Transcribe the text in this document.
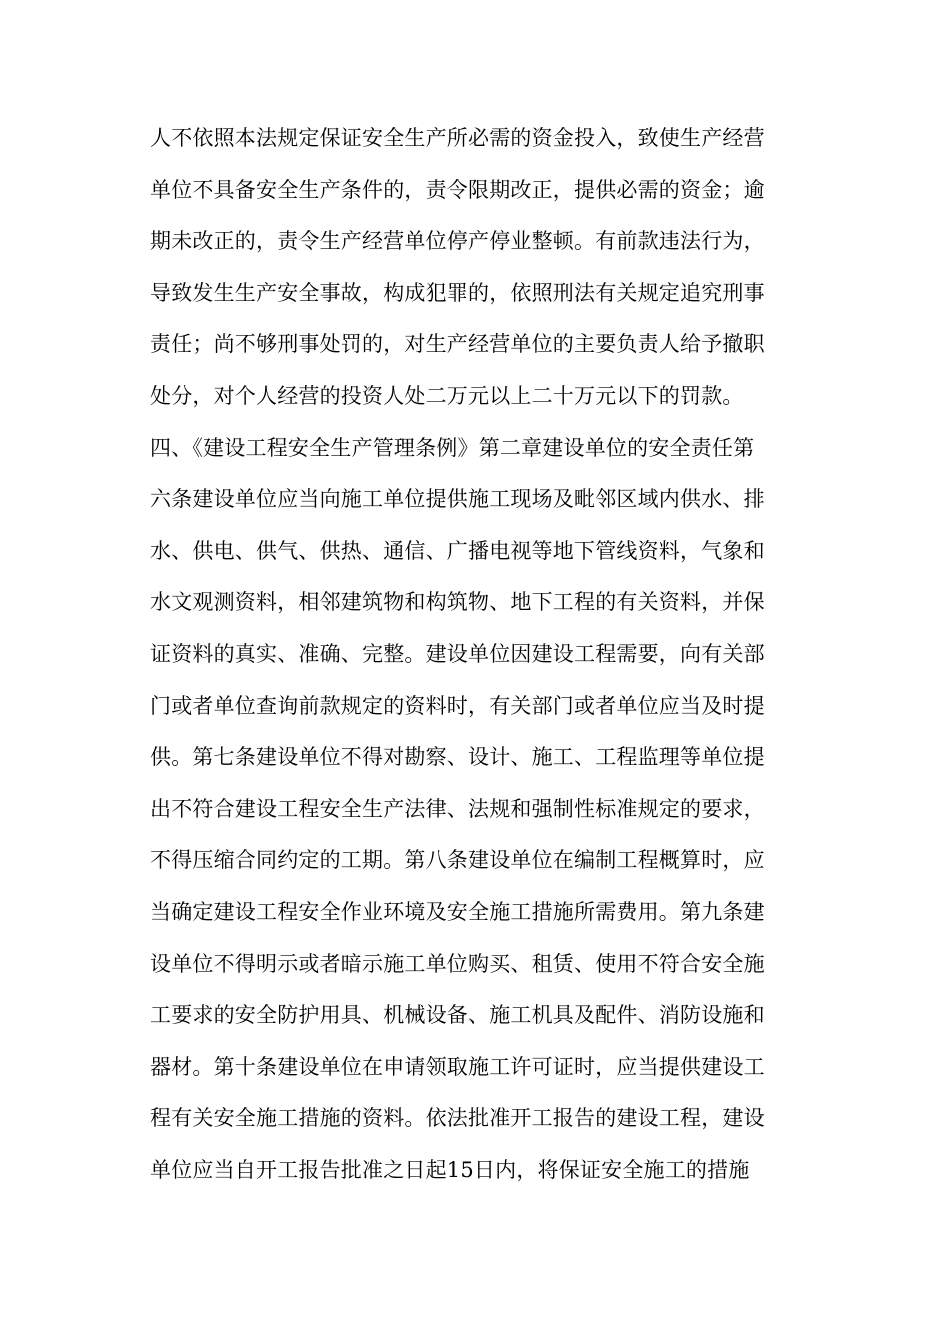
人不依照本法规定保证安全生产所必需的资金投入，致使生产经营
单位不具备安全生产条件的，责令限期改正，提供必需的资金；逾
期未改正的，责令生产经营单位停产停业整顿。有前款违法行为，
导致发生生产安全事故，构成犯罪的，依照刑法有关规定追究刑事
责任；尚不够刑事处罚的，对生产经营单位的主要负责人给予撤职
处分，对个人经营的投资人处二万元以上二十万元以下的罚款。
四、《建设工程安全生产管理条例》第二章建设单位的安全责任第
六条建设单位应当向施工单位提供施工现场及毗邻区域内供水、排
水、供电、供气、供热、通信、广播电视等地下管线资料，气象和
水文观测资料，相邻建筑物和构筑物、地下工程的有关资料，并保
证资料的真实、准确、完整。建设单位因建设工程需要，向有关部
门或者单位查询前款规定的资料时，有关部门或者单位应当及时提
供。第七条建设单位不得对勘察、设计、施工、工程监理等单位提
出不符合建设工程安全生产法律、法规和强制性标准规定的要求，
不得压缩合同约定的工期。第八条建设单位在编制工程概算时，应
当确定建设工程安全作业环境及安全施工措施所需费用。第九条建
设单位不得明示或者暗示施工单位购买、租赁、使用不符合安全施
工要求的安全防护用具、机械设备、施工机具及配件、消防设施和
器材。第十条建设单位在申请领取施工许可证时，应当提供建设工
程有关安全施工措施的资料。依法批准开工报告的建设工程，建设
单位应当自开工报告批准之日起15日内，将保证安全施工的措施
